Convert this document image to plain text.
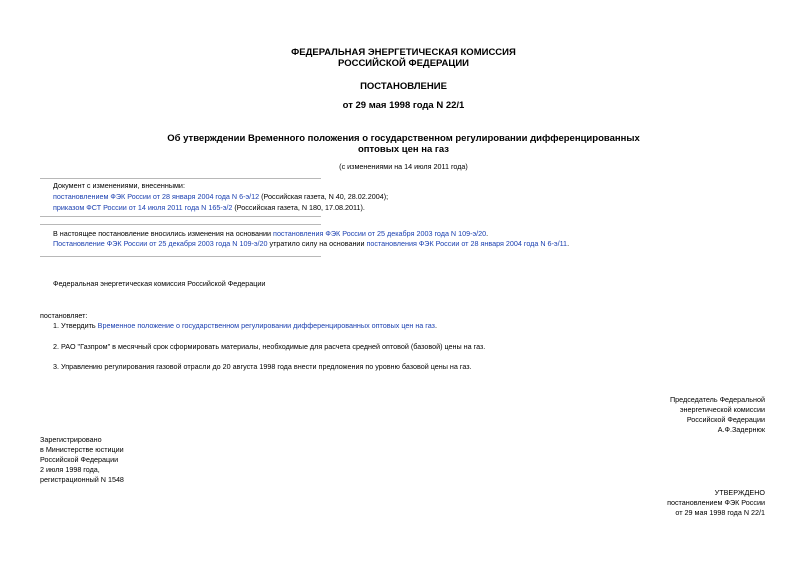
ФЕДЕРАЛЬНАЯ ЭНЕРГЕТИЧЕСКАЯ КОМИССИЯ
РОССИЙСКОЙ ФЕДЕРАЦИИ
ПОСТАНОВЛЕНИЕ
от 29 мая 1998 года N 22/1
Об утверждении Временного положения о государственном регулировании дифференцированных
оптовых цен на газ
(с изменениями на 14 июля 2011 года)
Документ с изменениями, внесенными:
постановлением ФЭК России от 28 января 2004 года N 6-э/12 (Российская газета, N 40, 28.02.2004);
приказом ФСТ России от 14 июля 2011 года N 165-э/2 (Российская газета, N 180, 17.08.2011).
В настоящее постановление вносились изменения на основании постановления ФЭК России от 25 декабря 2003 года N 109-э/20.
Постановление ФЭК России от 25 декабря 2003 года N 109-э/20 утратило силу на основании постановления ФЭК России от 28 января 2004 года N 6-э/11.
Федеральная энергетическая комиссия Российской Федерации
постановляет:
1. Утвердить Временное положение о государственном регулировании дифференцированных оптовых цен на газ.
2. РАО "Газпром" в месячный срок сформировать материалы, необходимые для расчета средней оптовой (базовой) цены на газ.
3. Управлению регулирования газовой отрасли до 20 августа 1998 года внести предложения по уровню базовой цены на газ.
Председатель Федеральной
энергетической комиссии
Российской Федерации
А.Ф.Задернюк
Зарегистрировано
в Министерстве юстиции
Российской Федерации
2 июля 1998 года,
регистрационный N 1548
УТВЕРЖДЕНО
постановлением ФЭК России
от 29 мая 1998 года N 22/1
